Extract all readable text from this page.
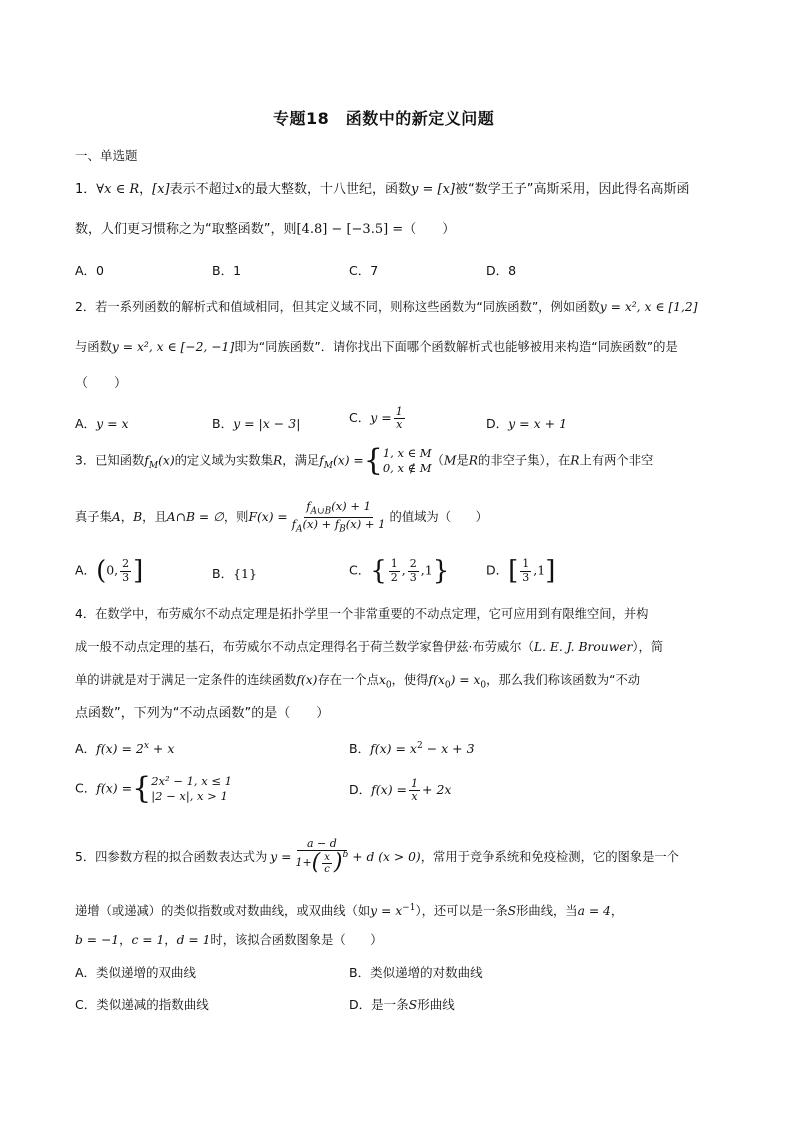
专题18　函数中的新定义问题
一、单选题
1．∀x ∈ R，[x]表示不超过x的最大整数，十八世纪，函数y = [x]被“数学王子”高斯采用，因此得名高斯函
数，人们更习惯称之为“取整函数”，则[4.8] − [−3.5] =（　　）
A．0	B．1	C．7	D．8
2．若一系列函数的解析式和值域相同，但其定义域不同，则称这些函数为“同族函数”，例如函数y = x², x ∈ [1,2]
与函数y = x², x ∈ [−2, −1]即为“同族函数”．请你找出下面哪个函数解析式也能够被用来构造“同族函数”的是
（　　）
A．y = x	B．y = |x − 3|	C．$y = \frac{1}{x}$	D．y = x + 1
3．已知函数$f_M(x)$的定义域为实数集R，满足$f_M(x)$ ={ 1, x ∈ M
0, x ∉ M
（M是R的非空子集），在R上有两个非空
真子集A，B，且A∩B = ∅，则$F(x) = \frac{f_{A\cup B}(x) + 1}{f_A(x) + f_B(x) + 1}$ 的值域为（　　）
A．(0, $\frac{2}{3}$ ]	B．{1}	C．{ $\frac{1}{2}$ , $\frac{2}{3} ,1$}	D．[ $\frac{1}{3} ,1$]
4．在数学中，布劳威尔不动点定理是拓扑学里一个非常重要的不动点定理，它可应用到有限维空间，并构
成一般不动点定理的基石，布劳威尔不动点定理得名于荷兰数学家鲁伊兹·布劳威尔（L. E. J. Brouwer），简
单的讲就是对于满足一定条件的连续函数f(x)存在一个点$x_0$，使得$f(x_0) = x_0$，那么我们称该函数为“不动
点函数”，下列为“不动点函数”的是（　　）
A．$f(x) = 2^x + x$	B．$f(x) = x^2 - x + 3$
C．f(x) ={ 2x² − 1, x ≤ 1
|2 − x|, x > 1	D．$f(x) = \frac{1}{x} + 2x$
5．四参数方程的拟合函数表达式为 $y = \frac{a - d}{1+ ( \frac{x}{c} )^b} + d$ (x > 0) ，常用于竞争系统和免疫检测，它的图象是一个
递增（或递减）的类似指数或对数曲线，或双曲线（如$y = x^{-1}$），还可以是一条S形曲线，当a = 4，
b = −1，c = 1，d = 1时，该拟合函数图象是（　　）
A．类似递增的双曲线	B．类似递增的对数曲线
C．类似递减的指数曲线	D．是一条S形曲线
